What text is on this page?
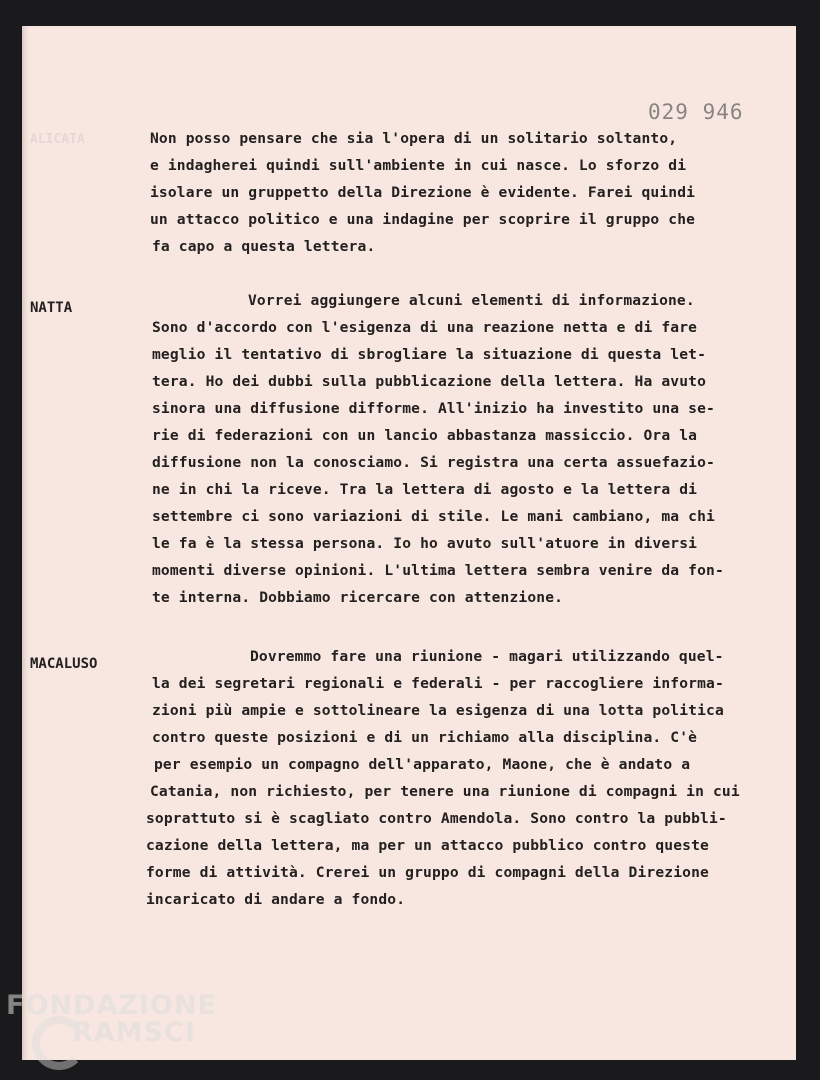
029 946
ALICATA	Non posso pensare che sia l'opera di un solitario soltanto,
e indagherei quindi sull'ambiente in cui nasce. Lo sforzo di
isolare un gruppetto della Direzione è evidente. Farei quindi
un attacco politico e una indagine per scoprire il gruppo che
fa capo a questa lettera.
NATTA	Vorrei aggiungere alcuni elementi di informazione.
Sono d'accordo con l'esigenza di una reazione netta e di fare
meglio il tentativo di sbrogliare la situazione di questa let-
tera. Ho dei dubbi sulla pubblicazione della lettera. Ha avuto
sinora una diffusione difforme. All'inizio ha investito una se-
rie di federazioni con un lancio abbastanza massiccio. Ora la
diffusione non la conosciamo. Si registra una certa assuefazio-
ne in chi la riceve. Tra la lettera di agosto e la lettera di
settembre ci sono variazioni di stile. Le mani cambiano, ma chi
le fa è la stessa persona. Io ho avuto sull'atuore in diversi
momenti diverse opinioni. L'ultima lettera sembra venire da fon-
te interna. Dobbiamo ricercare con attenzione.
MACALUSO	Dovremmo fare una riunione - magari utilizzando quel-
la dei segretari regionali e federali - per raccogliere informa-
zioni più ampie e sottolineare la esigenza di una lotta politica
contro queste posizioni e di un richiamo alla disciplina. C'è
per esempio un compagno dell'apparato, Maone, che è andato a
Catania, non richiesto, per tenere una riunione di compagni in cui
soprattuto si è scagliato contro Amendola. Sono contro la pubbli-
cazione della lettera, ma per un attacco pubblico contro queste
forme di attività. Crerei un gruppo di compagni della Direzione
incaricato di andare a fondo.
FONDAZIONE
RAMSCI
